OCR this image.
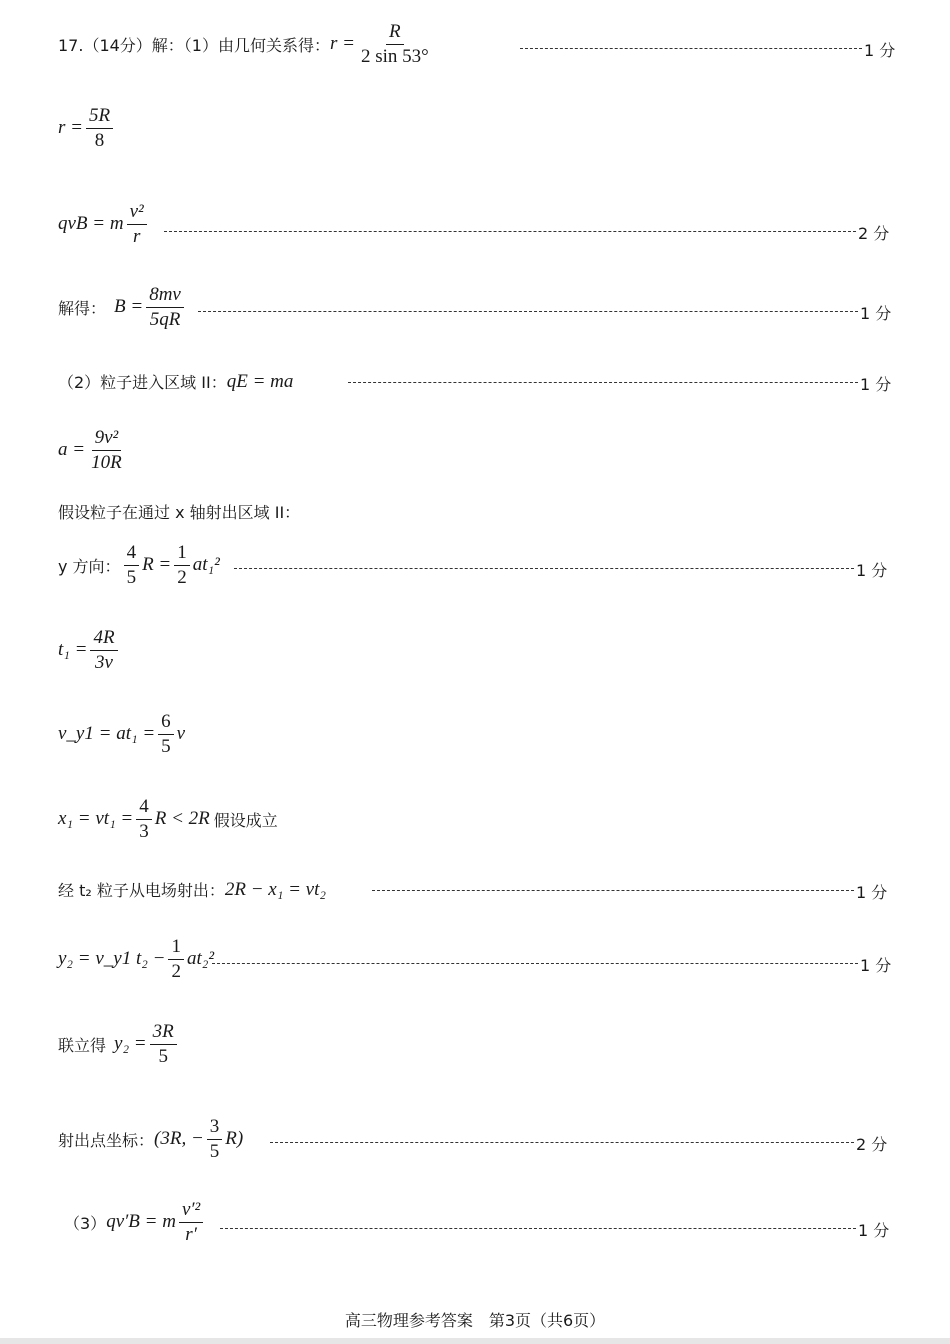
17.（14分）解：（1）由几何关系得： $r = \frac{R}{2 \sin 53^\circ}$	1 分
$r = \frac{5R}{8}$
qvB = m $\frac{\text{v²}}{r}$	2 分
解得： $B = \frac{8mv}{5qR}$	1 分
（2）粒子进入区域 II： qE = ma	1 分
$a = \frac{\text{9v²}}{10R}$
假设粒子在通过 x 轴射出区域 II：
y 方向： $\frac{4}{5}$ $R = \frac{1}{2} at_1^2$	1 分
$t_1 = \frac{4R}{3v}$
v_y1 = $at_1 = \frac{6}{5}$ v
$x_1 = vt_1 = \frac{4}{3}$ R < 2R 假设成立
经 t₂ 粒子从电场射出： 2R − x₁ = vt₂	1 分
y₂ = v_y1 $t_2 - \frac{1}{2} at_2^2$	1 分
联立得 $y_2 = \frac{3R}{5}$
射出点坐标： (3R, − $\frac{3}{5} R$)	2 分
（3） qv′B = m $\frac{\text{v′²}}{r'}$	1 分
高三物理参考答案　第3页（共6页）
